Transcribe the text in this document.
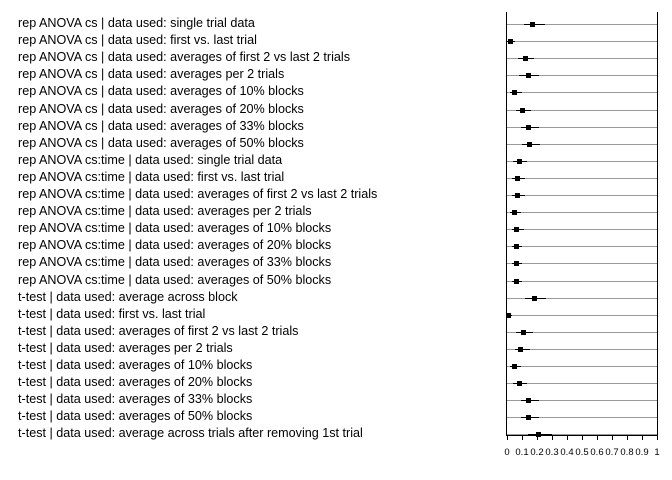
rep ANOVA cs | data used: single trial data
rep ANOVA cs | data used: first vs. last trial
rep ANOVA cs | data used: averages of first 2 vs last 2 trials
rep ANOVA cs | data used: averages per 2 trials
rep ANOVA cs | data used: averages of 10% blocks
rep ANOVA cs | data used: averages of 20% blocks
rep ANOVA cs | data used: averages of 33% blocks
rep ANOVA cs | data used: averages of 50% blocks
rep ANOVA cs:time | data used: single trial data
rep ANOVA cs:time | data used: first vs. last trial
rep ANOVA cs:time | data used: averages of first 2 vs last 2 trials
rep ANOVA cs:time | data used: averages per 2 trials
rep ANOVA cs:time | data used: averages of 10% blocks
rep ANOVA cs:time | data used: averages of 20% blocks
rep ANOVA cs:time | data used: averages of 33% blocks
rep ANOVA cs:time | data used: averages of 50% blocks
t-test | data used: average across block
t-test | data used: first vs. last trial
t-test | data used: averages of first 2 vs last 2 trials
t-test | data used: averages per 2 trials
t-test | data used: averages of 10% blocks
t-test | data used: averages of 20% blocks
t-test | data used: averages of 33% blocks
t-test | data used: averages of 50% blocks
t-test | data used: average across trials after removing 1st trial
0 0.1 0.2 0.3 0.4 0.5 0.6 0.7 0.8 0.9 1
